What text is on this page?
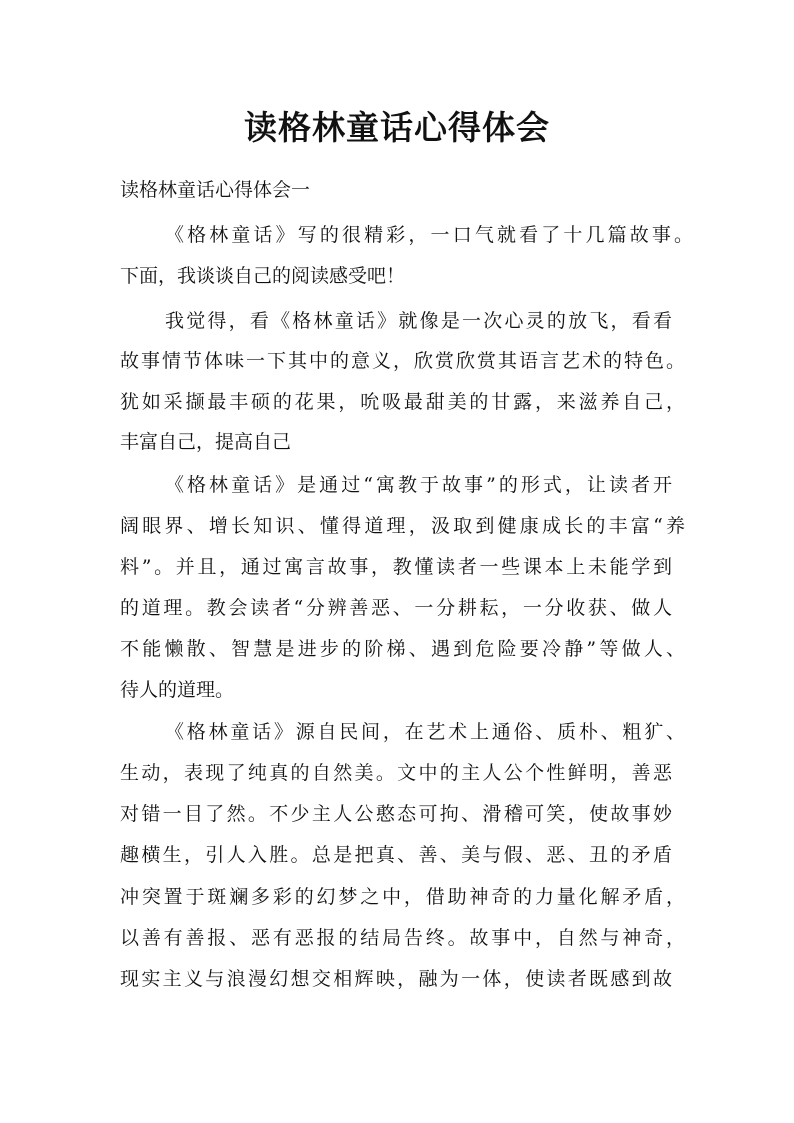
读格林童话心得体会
读格林童话心得体会一
《格林童话》写的很精彩，一口气就看了十几篇故事。
下面，我谈谈自己的阅读感受吧！
我觉得，看《格林童话》就像是一次心灵的放飞，看看
故事情节体味一下其中的意义，欣赏欣赏其语言艺术的特色。
犹如采撷最丰硕的花果，吮吸最甜美的甘露，来滋养自己，
丰富自己，提高自己
《格林童话》是通过“寓教于故事”的形式，让读者开
阔眼界、增长知识、懂得道理，汲取到健康成长的丰富“养
料”。并且，通过寓言故事，教懂读者一些课本上未能学到
的道理。教会读者“分辨善恶、一分耕耘，一分收获、做人
不能懒散、智慧是进步的阶梯、遇到危险要冷静”等做人、
待人的道理。
《格林童话》源自民间，在艺术上通俗、质朴、粗犷、
生动，表现了纯真的自然美。文中的主人公个性鲜明，善恶
对错一目了然。不少主人公憨态可拘、滑稽可笑，使故事妙
趣横生，引人入胜。总是把真、善、美与假、恶、丑的矛盾
冲突置于斑斓多彩的幻梦之中，借助神奇的力量化解矛盾，
以善有善报、恶有恶报的结局告终。故事中，自然与神奇，
现实主义与浪漫幻想交相辉映，融为一体，使读者既感到故
